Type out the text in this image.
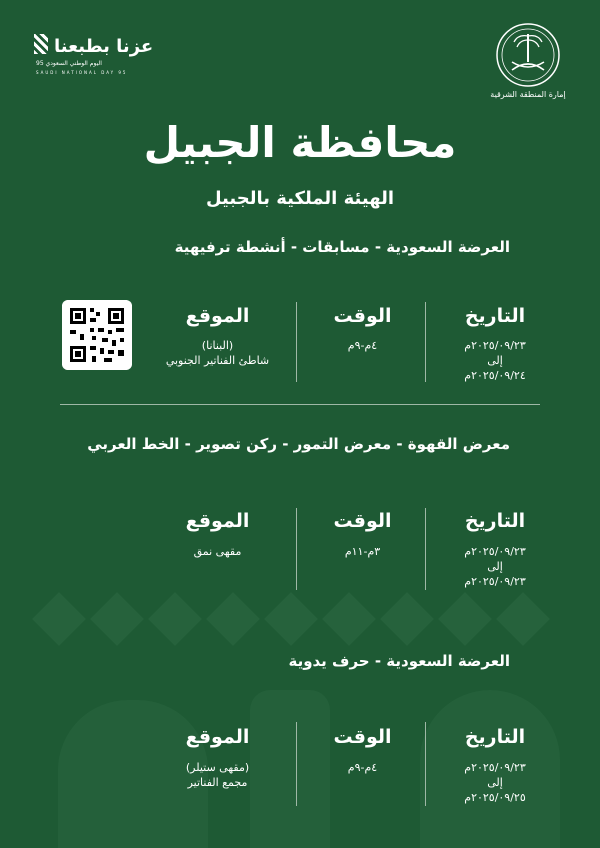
عزنا بطبعنا
اليوم الوطني السعودي 95
SAUDI NATIONAL DAY 95
إمارة المنطقة الشرقية
محافظة الجبيل
الهيئة الملكية بالجبيل
العرضة السعودية - مسابقات - أنشطة ترفيهية
التاريخ
٢٠٢٥/٠٩/٢٣م
إلى
٢٠٢٥/٠٩/٢٤م
الوقت
٤م-٩م
الموقع
(البنانا)
شاطئ الفناتير الجنوبي
معرض القهوة - معرض التمور - ركن تصوير - الخط العربي
التاريخ
٢٠٢٥/٠٩/٢٣م
إلى
٢٠٢٥/٠٩/٢٣م
الوقت
٣م-١١م
الموقع
مقهى نمق
العرضة السعودية - حرف يدوية
التاريخ
٢٠٢٥/٠٩/٢٣م
إلى
٢٠٢٥/٠٩/٢٥م
الوقت
٤م-٩م
الموقع
(مقهى ستيلر)
مجمع الفناتير
